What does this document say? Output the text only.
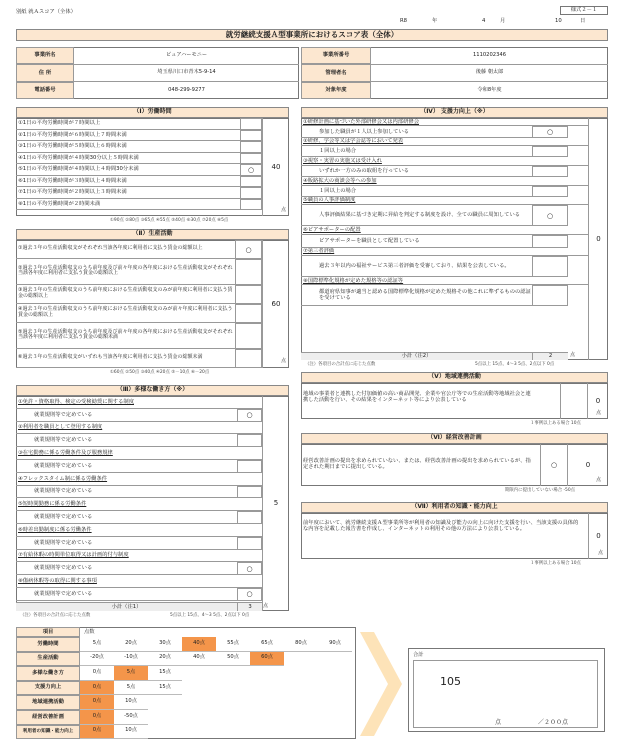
別紙 就Ａスコア（全体）	様式２－１
R8	年	4	月	10	日
就労継続支援Ａ型事業所におけるスコア表（全体）
事業所名	ピュアハーモニー
住 所	埼玉県川口市青木5-9-14
電話番号	048-299-9277
事業所番号	1110202346
管理者名	後藤 朝太郎
対象年度	令和8年度
（Ⅰ）労働時間
①1日の平均労働時間が７時間以上
②1日の平均労働時間が６時間以上７時間未満
③1日の平均労働時間が５時間以上６時間未満
④1日の平均労働時間が４時間30分以上５時間未満
⑤1日の平均労働時間が４時間以上４時間30分未満	○
⑥1日の平均労働時間が３時間以上４時間未満
⑦1日の平均労働時間が２時間以上３時間未満
⑧1日の平均労働時間が２時間未満
40
点
①90点 ②80点 ③65点 ④55点 ⑤40点 ⑥30点 ⑦20点 ⑧5点
（Ⅱ）生産活動
①過去３年の生産活動収支がそれぞれ当該各年度に利用者に支払う賃金の総額以上	○
②過去３年の生産活動収支のうち前年度及び前々年度の各年度における生産活動収支がそれぞれ当該各年度に利用者に支払う賃金の総額以上
③過去３年の生産活動収支のうち前年度における生産活動収支のみが前年度に利用者に支払う賃金の総額以上
④過去３年の生産活動収支のうち前年度における生産活動収支のみが前々年度に利用者に支払う賃金の総額以上
⑤過去３年の生産活動収支のうち前年度及び前々年度の各年度における生産活動収支がそれぞれ当該各年度に利用者に支払う賃金の総額未満
⑥過去３年の生産活動収支がいずれも当該各年度に利用者に支払う賃金の総額未満
60
点
①60点 ②50点 ③40点 ④20点 ⑤－10点 ⑥－20点
（Ⅲ）多様な働き方（※）
①免許・資格取得、検定の受検勧奨に関する制度
就業規則等で定めている	○
②利用者を職員として登用する制度
就業規則等で定めている
③在宅勤務に係る労働条件及び服務規律
就業規則等で定めている
④フレックスタイム制に係る労働条件
就業規則等で定めている
⑤短時間勤務に係る労働条件
就業規則等で定めている
⑥時差出勤制度に係る労働条件
就業規則等で定めている
⑦有給休暇の時間単位取得又は計画的付与制度
就業規則等で定めている	○
⑧傷病休暇等の取得に関する事項
就業規則等で定めている	○
5
小計（注1）	3	点
（注）各項目の合計点に応じた点数	5点以上 15点、4～3 5点、2点以下 0点
（Ⅳ） 支援力向上（※）
①研修計画に基づいた外部研修会又は内部研修会
参加した職員が１人以上参加している	○
②研修、学会等又は学会誌等において発表
１回以上の場合
③視察・実習の実施又は受け入れ
いずれか一方のみの取組を行っている
④販路拡大の商談会等への参加
１回以上の場合
⑤職員の人事評価制度
人事評価結果に基づき定期に昇給を判定する制度を設け、全ての職員に周知している	○
⑥ピアサポーターの配置
ピアサポーターを職員として配置している
⑦第三者評価
過去３年以内の福祉サービス第三者評価を受審しており、結果を公表している。
⑧国際標準化規格が定めた規格等の認証等
都道府県知事が適当と認める国際標準化規格が定めた規格その他これに準ずるものの認証を受けている
0
小計（注2）	2	点
（注）各項目の合計点に応じた点数	5点以上 15点、4～3 5点、2点以下 0点
（Ⅴ）地域連携活動
地域の事業者と連携した付加価値の高い商品開発、企業や官公庁等での生産活動等地域社会と連携した活動を行い、その結果をインターネット等により公表している	0
点
１事例以上ある場合 10点
（Ⅵ）経営改善計画
経営改善計画の提出を求められていない、または、経営改善計画の提出を求められているが、指定された期日までに提出している。	○	0
点
期限内に提出していない場合 -50点
（Ⅶ）利用者の知識・能力向上
前年度において、就労継続支援Ａ型事業所等が利用者の知識及び能力の向上に向けた支援を行い、当該支援の具体的な内容を記載した報告書を作成し、インターネットの利用その他の方法により公表している。
0
点
１事例以上ある場合 10点
項目	点数
労働時間	5点	20点	30点	40点	55点	65点	80点	90点
生産活動	-20点	-10点	20点	40点	50点	60点
多様な働き方	0点	5点	15点
支援力向上	0点	5点	15点
地域連携活動	0点	10点
経営改善計画	0点	-50点
利用者の知識・能力向上	0点	10点
合計
105
点	／２００点
